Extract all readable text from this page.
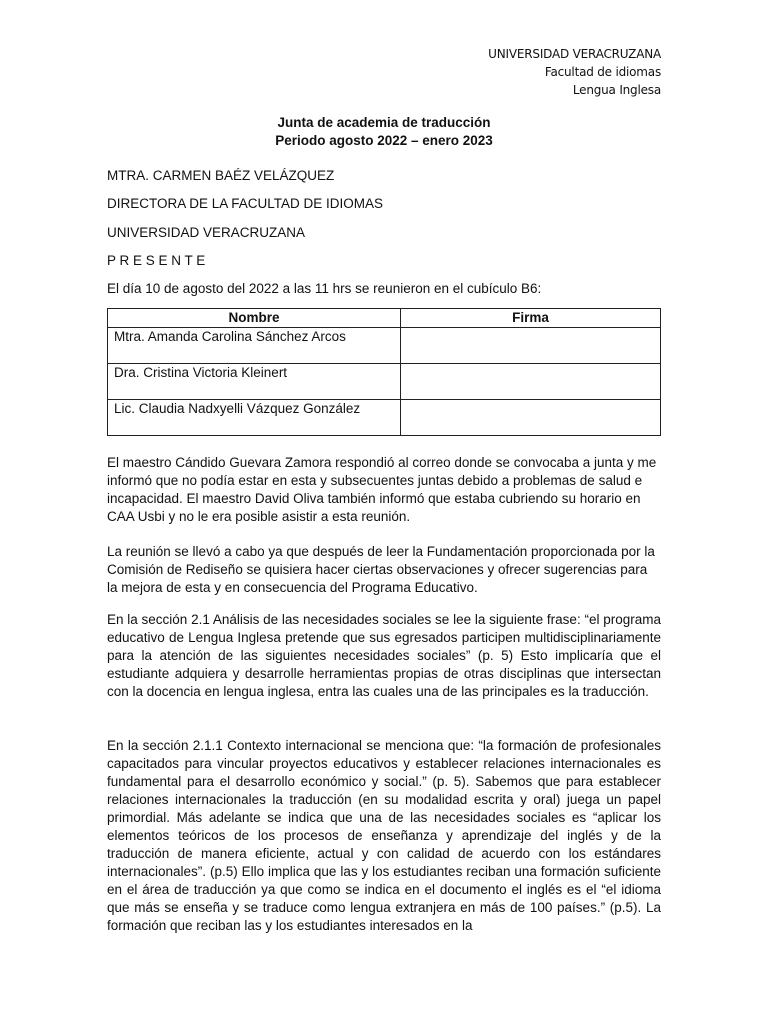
UNIVERSIDAD VERACRUZANA
Facultad de idiomas
Lengua Inglesa
Junta de academia de traducción
Periodo agosto 2022 – enero 2023
MTRA. CARMEN BAÉZ VELÁZQUEZ
DIRECTORA DE LA FACULTAD DE IDIOMAS
UNIVERSIDAD VERACRUZANA
P R E S E N T E
El día 10 de agosto del 2022 a las 11 hrs se reunieron en el cubículo B6:
Nombre	Firma
Mtra. Amanda Carolina Sánchez Arcos	
Dra. Cristina Victoria Kleinert	
Lic. Claudia Nadxyelli Vázquez González	

El maestro Cándido Guevara Zamora respondió al correo donde se convocaba a junta y me informó que no podía estar en esta y subsecuentes juntas debido a problemas de salud e incapacidad. El maestro David Oliva también informó que estaba cubriendo su horario en CAA Usbi y no le era posible asistir a esta reunión.

La reunión se llevó a cabo ya que después de leer la Fundamentación proporcionada por la Comisión de Rediseño se quisiera hacer ciertas observaciones y ofrecer sugerencias para la mejora de esta y en consecuencia del Programa Educativo.

En la sección 2.1 Análisis de las necesidades sociales se lee la siguiente frase: “el programa educativo de Lengua Inglesa pretende que sus egresados participen multidisciplinariamente para la atención de las siguientes necesidades sociales” (p. 5) Esto implicaría que el estudiante adquiera y desarrolle herramientas propias de otras disciplinas que intersectan con la docencia en lengua inglesa, entra las cuales una de las principales es la traducción.

En la sección 2.1.1 Contexto internacional se menciona que: “la formación de profesionales capacitados para vincular proyectos educativos y establecer relaciones internacionales es fundamental para el desarrollo económico y social.” (p. 5). Sabemos que para establecer relaciones internacionales la traducción (en su modalidad escrita y oral) juega un papel primordial. Más adelante se indica que una de las necesidades sociales es “aplicar los elementos teóricos de los procesos de enseñanza y aprendizaje del inglés y de la traducción de manera eficiente, actual y con calidad de acuerdo con los estándares internacionales”. (p.5) Ello implica que las y los estudiantes reciban una formación suficiente en el área de traducción ya que como se indica en el documento el inglés es el “el idioma que más se enseña y se traduce como lengua extranjera en más de 100 países.” (p.5). La formación que reciban las y los estudiantes interesados en la
